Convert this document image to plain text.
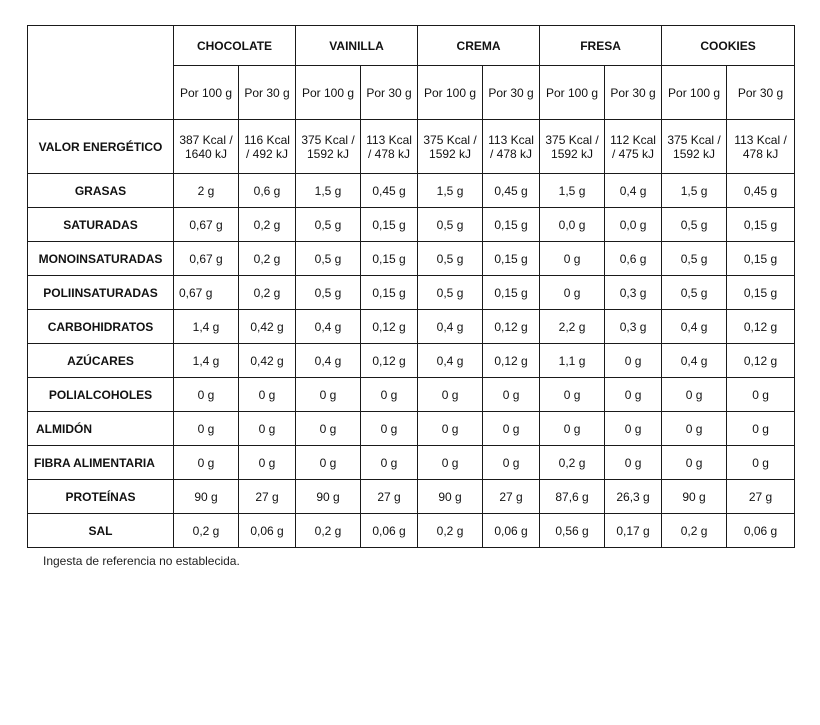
	CHOCOLATE		VAINILLA		CREMA		FRESA		COOKIES	
	Por 100 g	Por 30 g	Por 100 g	Por 30 g	Por 100 g	Por 30 g	Por 100 g	Por 30 g	Por 100 g	Por 30 g
VALOR ENERGÉTICO	387 Kcal / 1640 kJ	116 Kcal / 492 kJ	375 Kcal / 1592 kJ	113 Kcal / 478 kJ	375 Kcal / 1592 kJ	113 Kcal / 478 kJ	375 Kcal / 1592 kJ	112 Kcal / 475 kJ	375 Kcal / 1592 kJ	113 Kcal / 478 kJ
GRASAS	2 g	0,6 g	1,5 g	0,45 g	1,5 g	0,45 g	1,5 g	0,4 g	1,5 g	0,45 g
SATURADAS	0,67 g	0,2 g	0,5 g	0,15 g	0,5 g	0,15 g	0,0 g	0,0 g	0,5 g	0,15 g
MONOINSATURADAS	0,67 g	0,2 g	0,5 g	0,15 g	0,5 g	0,15 g	0 g	0,6 g	0,5 g	0,15 g
POLIINSATURADAS	0,67 g	0,2 g	0,5 g	0,15 g	0,5 g	0,15 g	0 g	0,3 g	0,5 g	0,15 g
CARBOHIDRATOS	1,4 g	0,42 g	0,4 g	0,12 g	0,4 g	0,12 g	2,2 g	0,3 g	0,4 g	0,12 g
AZÚCARES	1,4 g	0,42 g	0,4 g	0,12 g	0,4 g	0,12 g	1,1 g	0 g	0,4 g	0,12 g
POLIALCOHOLES	0 g	0 g	0 g	0 g	0 g	0 g	0 g	0 g	0 g	0 g
ALMIDÓN	0 g	0 g	0 g	0 g	0 g	0 g	0 g	0 g	0 g	0 g
FIBRA ALIMENTARIA	0 g	0 g	0 g	0 g	0 g	0 g	0,2 g	0 g	0 g	0 g
PROTEÍNAS	90 g	27 g	90 g	27 g	90 g	27 g	87,6 g	26,3 g	90 g	27 g
SAL	0,2 g	0,06 g	0,2 g	0,06 g	0,2 g	0,06 g	0,56 g	0,17 g	0,2 g	0,06 g
Ingesta de referencia no establecida.
